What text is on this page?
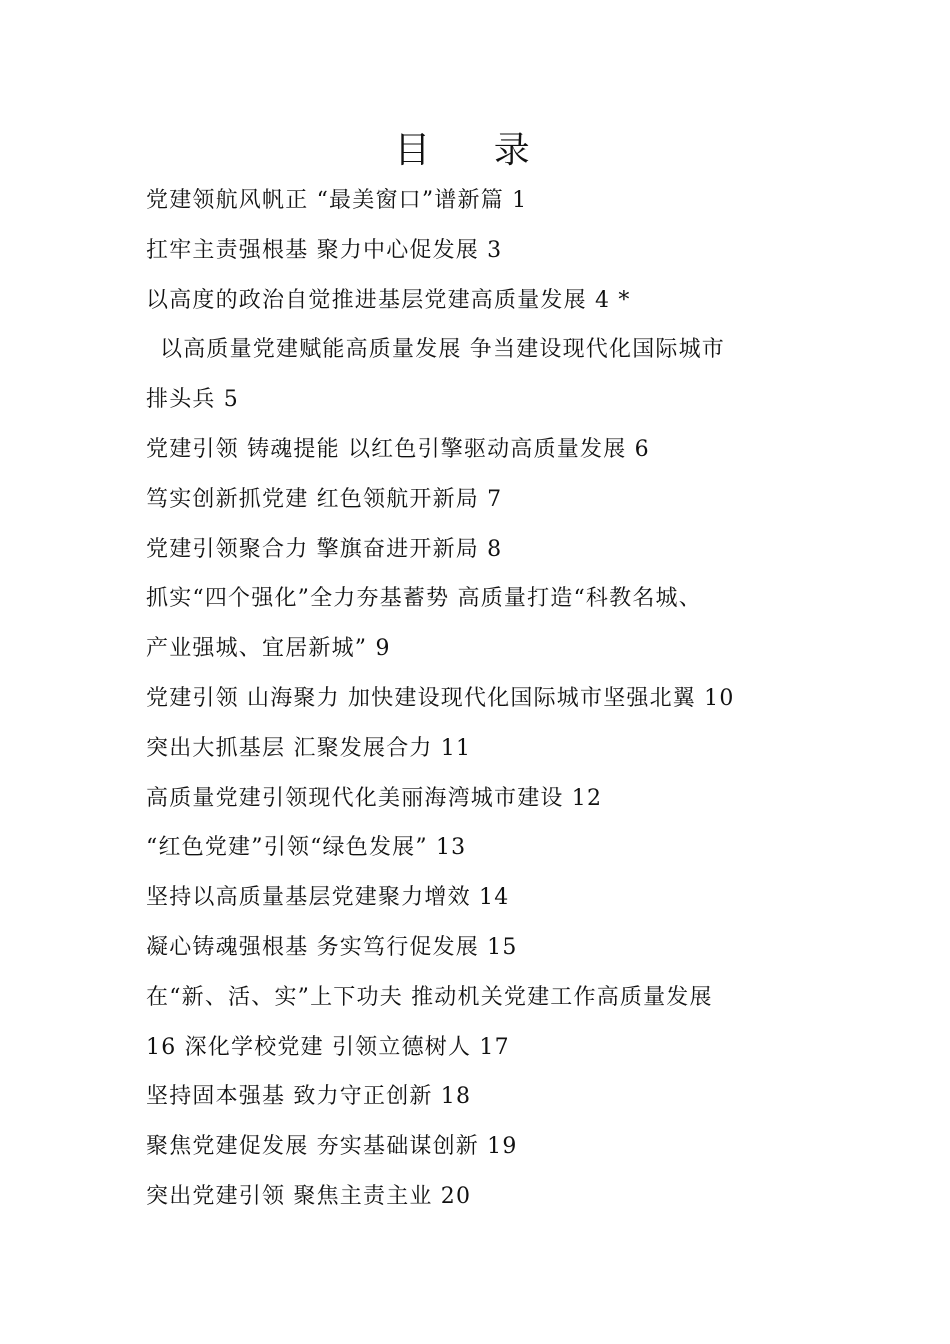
目 录
党建领航风帆正 “最美窗口”谱新篇 1
扛牢主责强根基 聚力中心促发展 3
以高度的政治自觉推进基层党建高质量发展 4 *
以高质量党建赋能高质量发展 争当建设现代化国际城市
排头兵 5
党建引领 铸魂提能 以红色引擎驱动高质量发展 6
笃实创新抓党建 红色领航开新局 7
党建引领聚合力 擎旗奋进开新局 8
抓实“四个强化”全力夯基蓄势 高质量打造“科教名城、
产业强城、宜居新城” 9
党建引领 山海聚力 加快建设现代化国际城市坚强北翼 10
突出大抓基层 汇聚发展合力 11
高质量党建引领现代化美丽海湾城市建设 12
“红色党建”引领“绿色发展” 13
坚持以高质量基层党建聚力增效 14
凝心铸魂强根基 务实笃行促发展 15
在“新、活、实”上下功夫 推动机关党建工作高质量发展
16 深化学校党建 引领立德树人 17
坚持固本强基 致力守正创新 18
聚焦党建促发展 夯实基础谋创新 19
突出党建引领 聚焦主责主业 20
